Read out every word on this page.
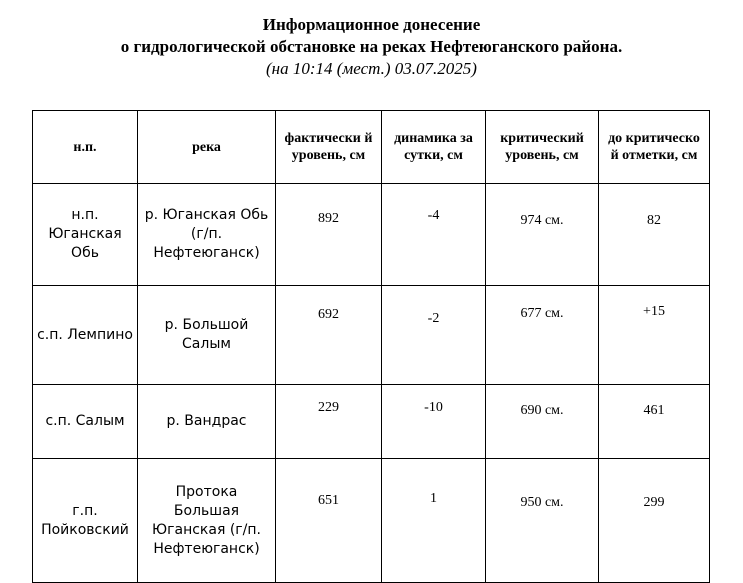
Информационное донесение
о гидрологической обстановке на реках Нефтеюганского района.
(на 10:14 (мест.) 03.07.2025)
н.п.	река	фактически й уровень, см	динамика за сутки, см	критический уровень, см	до критическо й отметки, см
н.п. Юганская Обь	р. Юганская Обь (г/п. Нефтеюганск)	892	-4	974 см.	82
с.п. Лемпино	р. Большой Салым	692	-2	677 см.	+15
с.п. Салым	р. Вандрас	229	-10	690 см.	461
г.п. Пойковский	Протока Большая Юганская (г/п. Нефтеюганск)	651	1	950 см.	299
